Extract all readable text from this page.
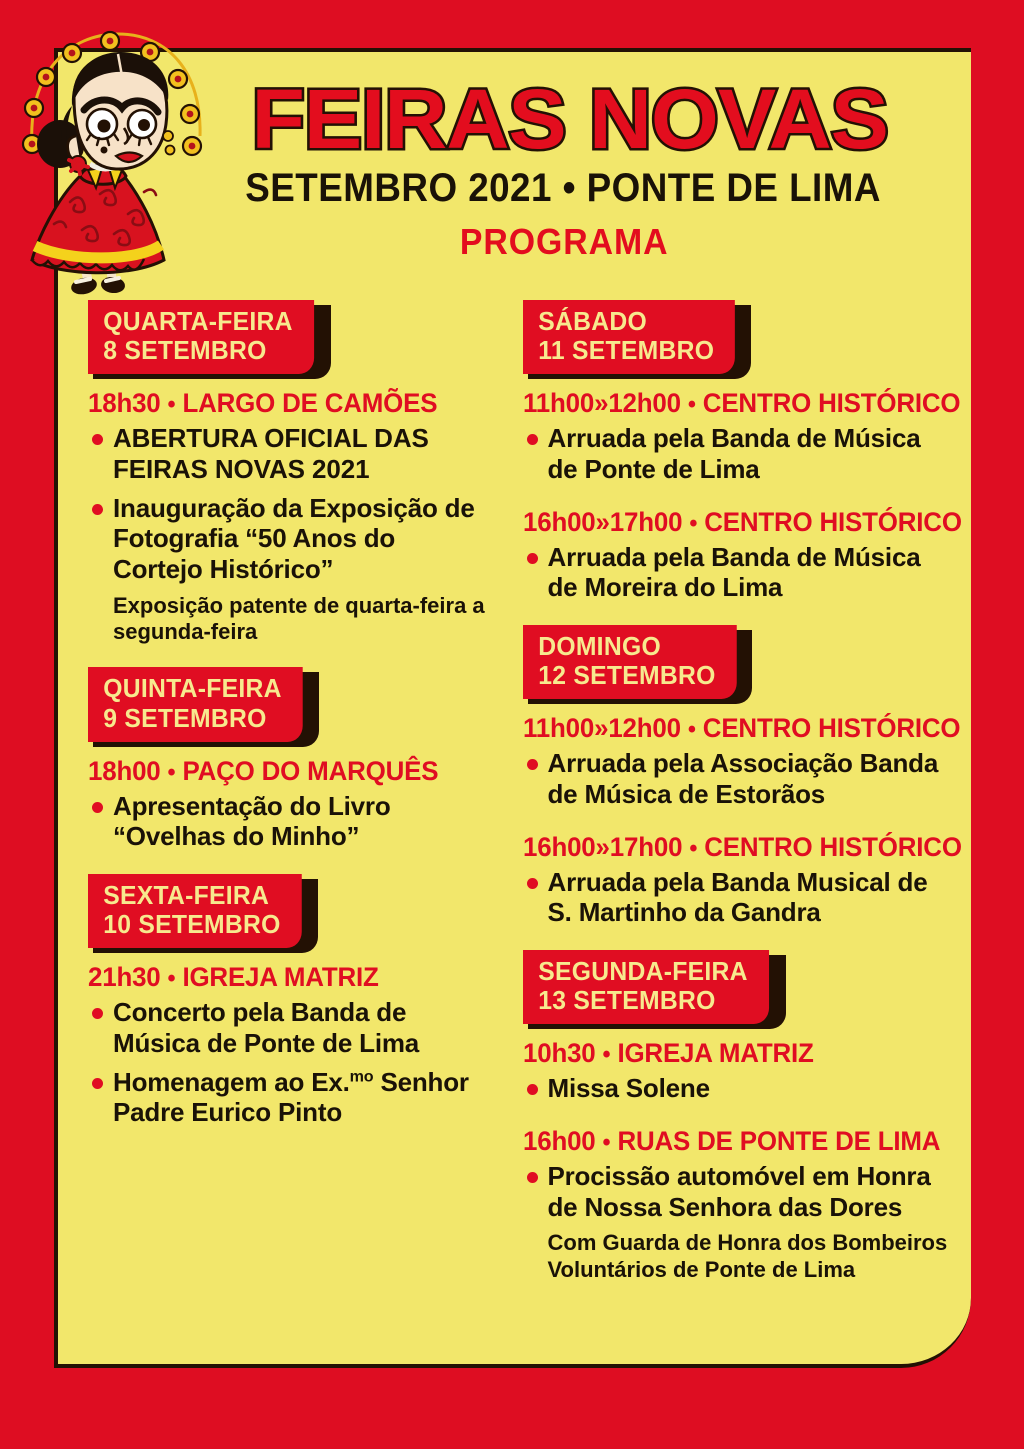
FEIRAS NOVAS
SETEMBRO 2021 • PONTE DE LIMA
PROGRAMA
QUARTA-FEIRA
8 SETEMBRO
18h30 • LARGO DE CAMÕES
ABERTURA OFICIAL DAS FEIRAS NOVAS 2021
Inauguração da Exposição de Fotografia “50 Anos do Cortejo Histórico”
Exposição patente de quarta-feira a segunda-feira
QUINTA-FEIRA
9 SETEMBRO
18h00 • PAÇO DO MARQUÊS
Apresentação do Livro “Ovelhas do Minho”
SEXTA-FEIRA
10 SETEMBRO
21h30 • IGREJA MATRIZ
Concerto pela Banda de Música de Ponte de Lima
Homenagem ao Ex.$^{mo}$ Senhor Padre Eurico Pinto
SÁBADO
11 SETEMBRO
11h00»12h00 • CENTRO HISTÓRICO
Arruada pela Banda de Música de Ponte de Lima
16h00»17h00 • CENTRO HISTÓRICO
Arruada pela Banda de Música de Moreira do Lima
DOMINGO
12 SETEMBRO
11h00»12h00 • CENTRO HISTÓRICO
Arruada pela Associação Banda de Música de Estorãos
16h00»17h00 • CENTRO HISTÓRICO
Arruada pela Banda Musical de S. Martinho da Gandra
SEGUNDA-FEIRA
13 SETEMBRO
10h30 • IGREJA MATRIZ
Missa Solene
16h00 • RUAS DE PONTE DE LIMA
Procissão automóvel em Honra de Nossa Senhora das Dores
Com Guarda de Honra dos Bombeiros Voluntários de Ponte de Lima
